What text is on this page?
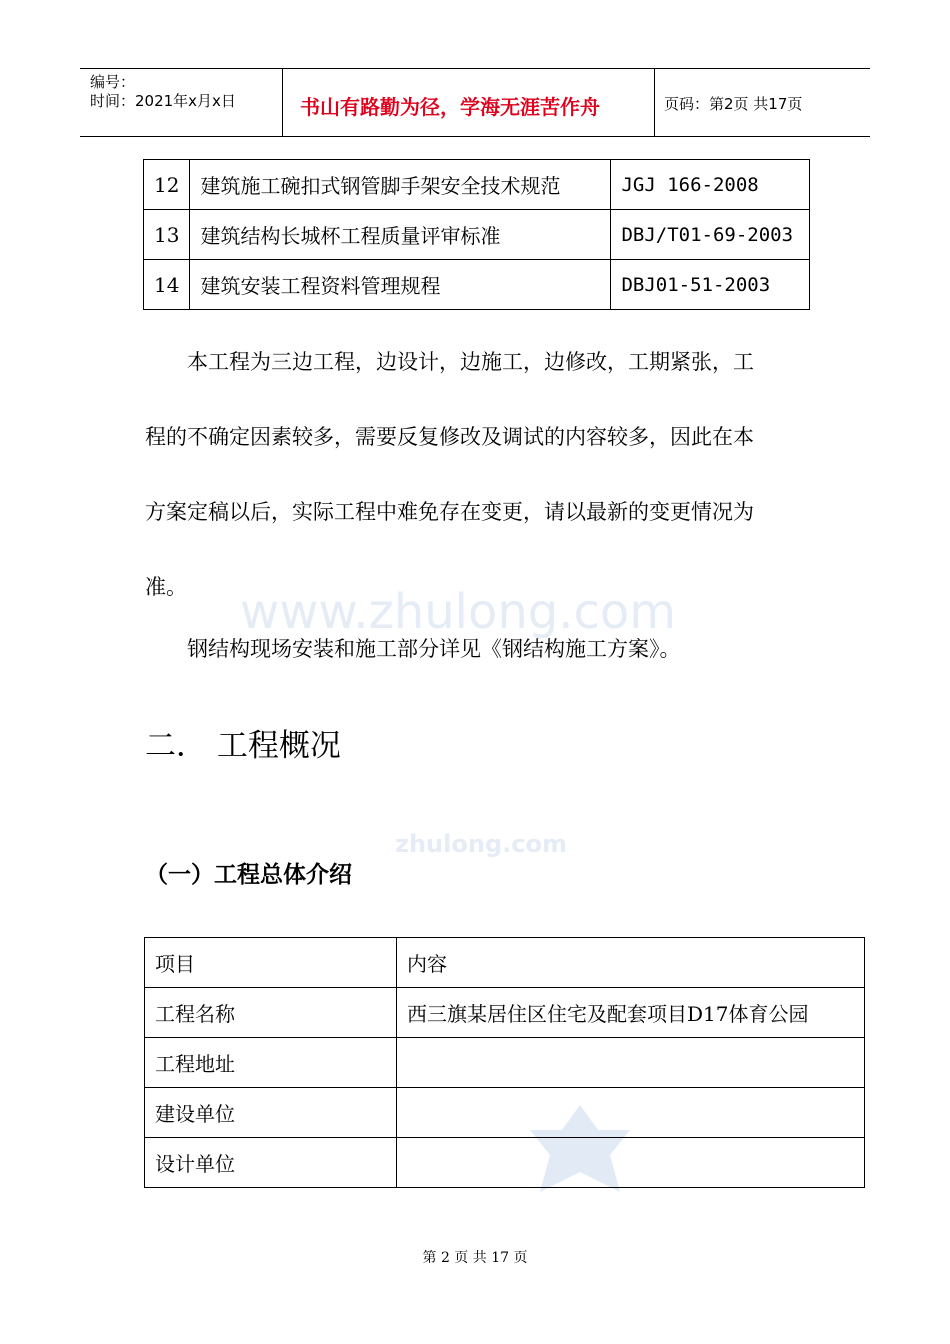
编号：
时间：2021年x月x日	书山有路勤为径，学海无涯苦作舟	页码：第2页 共17页
12	建筑施工碗扣式钢管脚手架安全技术规范	JGJ 166-2008
13	建筑结构长城杯工程质量评审标准	DBJ/T01-69-2003
14	建筑安装工程资料管理规程	DBJ01-51-2003
www.zhulong.com
zhulong.com
本工程为三边工程，边设计，边施工，边修改，工期紧张，工
程的不确定因素较多，需要反复修改及调试的内容较多，因此在本
方案定稿以后，实际工程中难免存在变更，请以最新的变更情况为
准。
钢结构现场安装和施工部分详见《钢结构施工方案》。
二． 工程概况
（一）工程总体介绍
项目	内容
工程名称	西三旗某居住区住宅及配套项目D17体育公园
工程地址	
建设单位	
设计单位	
第 2 页 共 17 页
